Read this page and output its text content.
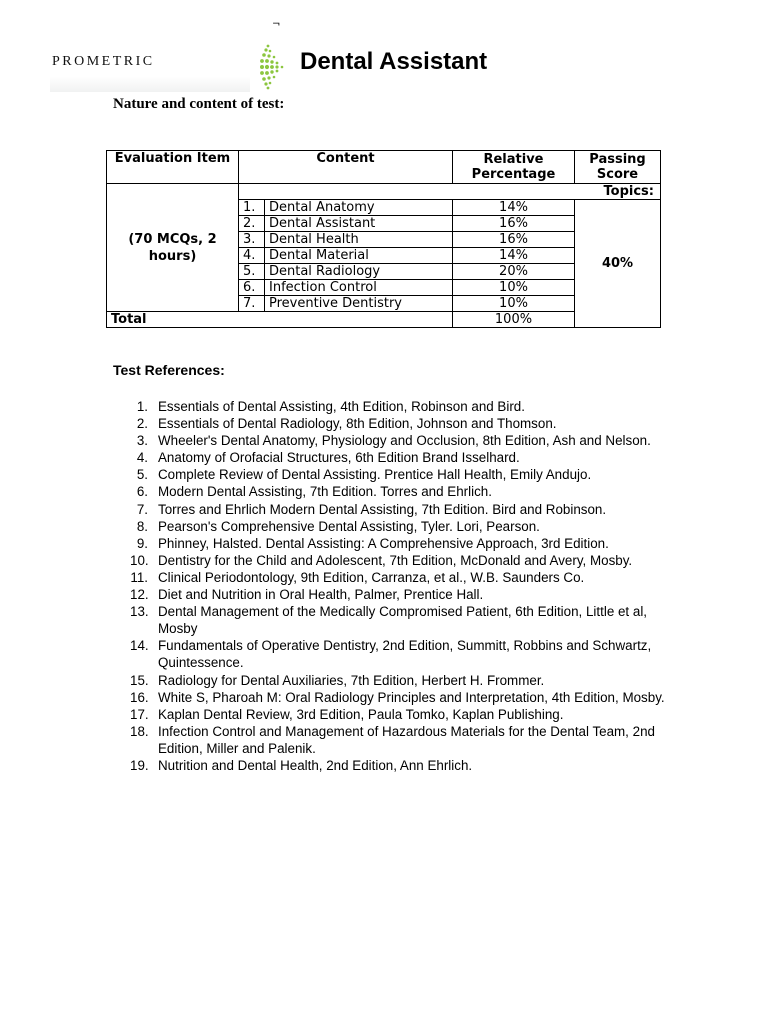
¬
PROMETRIC	Dental Assistant
Nature and content of test:
Evaluation Item	Content		Relative Percentage	Passing Score
(70 MCQs, 2 hours)	Topics:			
	1.	Dental Anatomy	14%	40%
	2.	Dental Assistant	16%	
	3.	Dental Health	16%	
	4.	Dental Material	14%	
	5.	Dental Radiology	20%	
	6.	Infection Control	10%	
	7.	Preventive Dentistry	10%	
Total			100%	
Test References:
1. Essentials of Dental Assisting, 4th Edition, Robinson and Bird.
2. Essentials of Dental Radiology, 8th Edition, Johnson and Thomson.
3. Wheeler's Dental Anatomy, Physiology and Occlusion, 8th Edition, Ash and Nelson.
4. Anatomy of Orofacial Structures, 6th Edition Brand Isselhard.
5. Complete Review of Dental Assisting. Prentice Hall Health, Emily Andujo.
6. Modern Dental Assisting, 7th Edition. Torres and Ehrlich.
7. Torres and Ehrlich Modern Dental Assisting, 7th Edition. Bird and Robinson.
8. Pearson's Comprehensive Dental Assisting, Tyler. Lori, Pearson.
9. Phinney, Halsted. Dental Assisting: A Comprehensive Approach, 3rd Edition.
10. Dentistry for the Child and Adolescent, 7th Edition, McDonald and Avery, Mosby.
11. Clinical Periodontology, 9th Edition, Carranza, et al., W.B. Saunders Co.
12. Diet and Nutrition in Oral Health, Palmer, Prentice Hall.
13. Dental Management of the Medically Compromised Patient, 6th Edition, Little et al, Mosby
14. Fundamentals of Operative Dentistry, 2nd Edition, Summitt, Robbins and Schwartz, Quintessence.
15. Radiology for Dental Auxiliaries, 7th Edition, Herbert H. Frommer.
16. White S, Pharoah M: Oral Radiology Principles and Interpretation, 4th Edition, Mosby.
17. Kaplan Dental Review, 3rd Edition, Paula Tomko, Kaplan Publishing.
18. Infection Control and Management of Hazardous Materials for the Dental Team, 2nd Edition, Miller and Palenik.
19. Nutrition and Dental Health, 2nd Edition, Ann Ehrlich.
